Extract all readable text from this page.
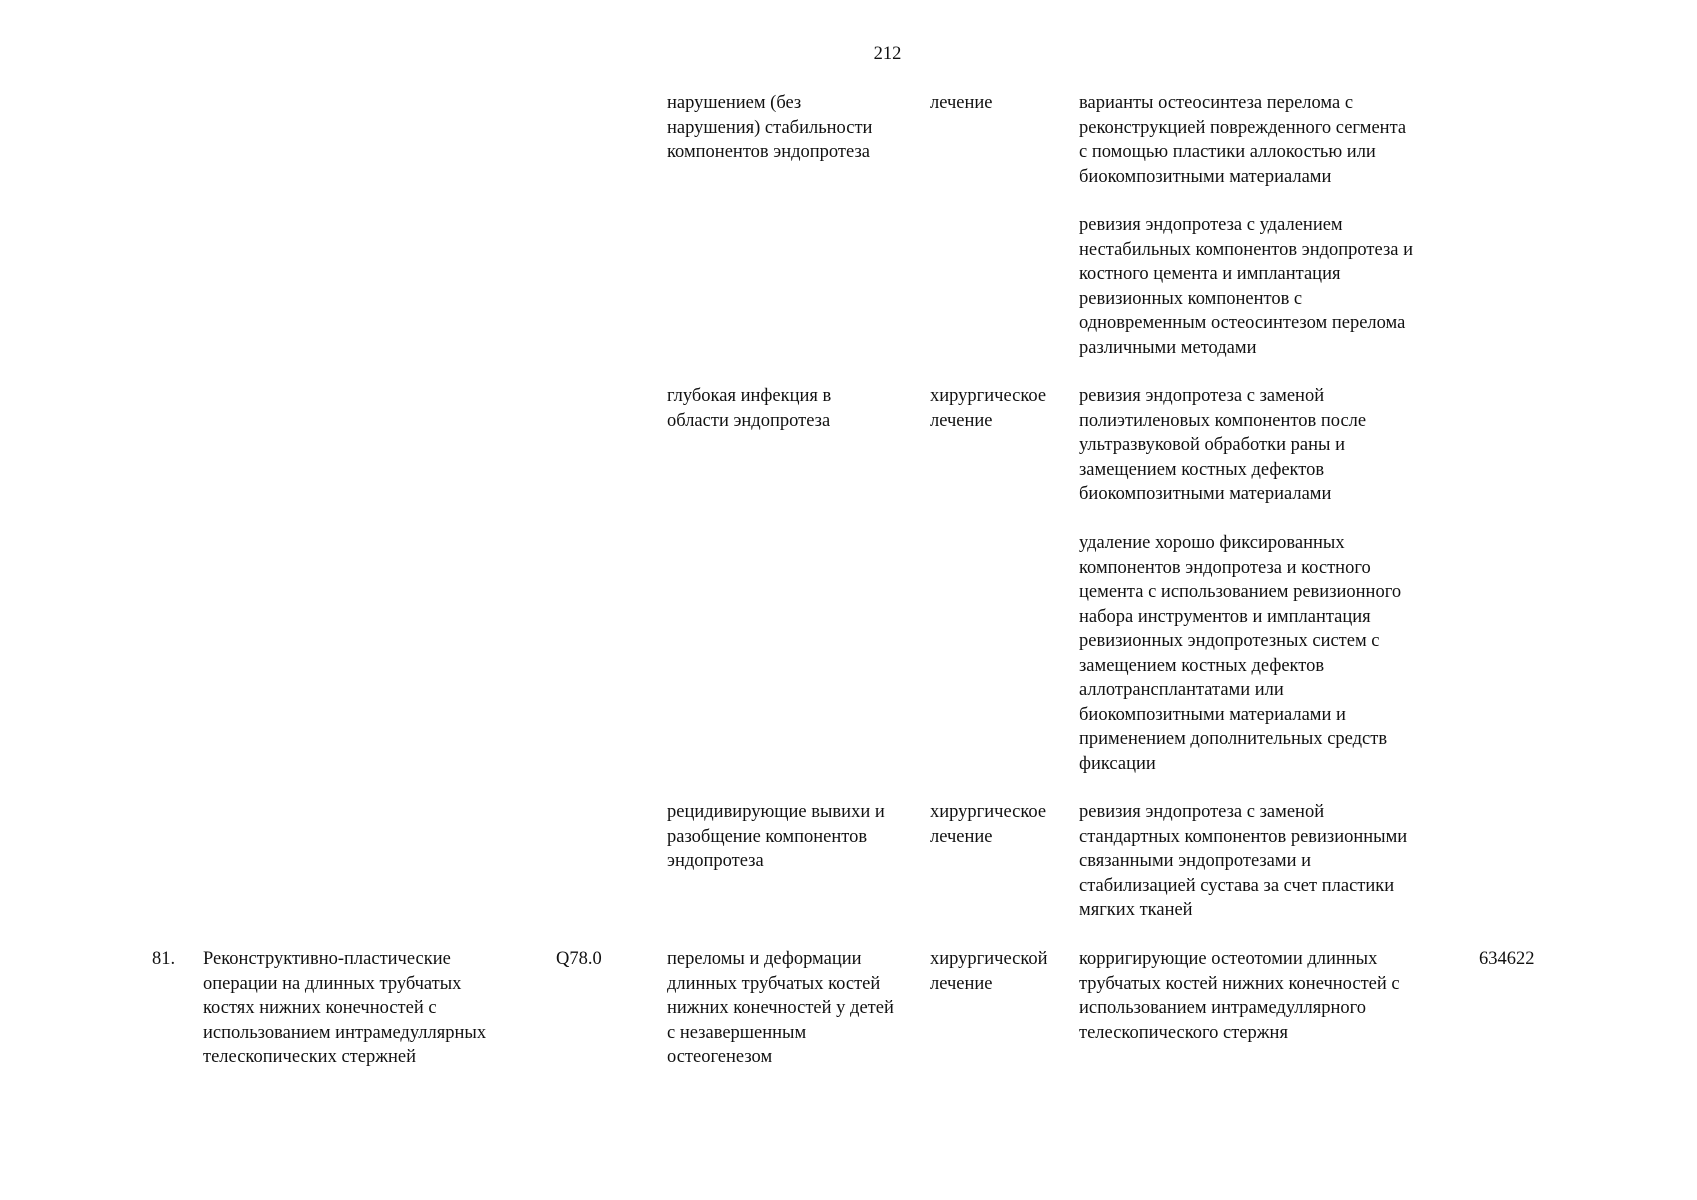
212
нарушением (без
нарушения) стабильности
компонентов эндопротеза
лечение	варианты остеосинтеза перелома с
реконструкцией поврежденного сегмента
с помощью пластики аллокостью или
биокомпозитными материалами
ревизия эндопротеза с удалением
нестабильных компонентов эндопротеза и
костного цемента и имплантация
ревизионных компонентов с
одновременным остеосинтезом перелома
различными методами
глубокая инфекция в
области эндопротеза
хирургическое
лечение
ревизия эндопротеза с заменой
полиэтиленовых компонентов после
ультразвуковой обработки раны и
замещением костных дефектов
биокомпозитными материалами
удаление хорошо фиксированных
компонентов эндопротеза и костного
цемента с использованием ревизионного
набора инструментов и имплантация
ревизионных эндопротезных систем с
замещением костных дефектов
аллотрансплантатами или
биокомпозитными материалами и
применением дополнительных средств
фиксации
рецидивирующие вывихи и
разобщение компонентов
эндопротеза
хирургическое
лечение
ревизия эндопротеза с заменой
стандартных компонентов ревизионными
связанными эндопротезами и
стабилизацией сустава за счет пластики
мягких тканей
81. Реконструктивно-пластические
операции на длинных трубчатых
костях нижних конечностей с
использованием интрамедуллярных
телескопических стержней
Q78.0	переломы и деформации
длинных трубчатых костей
нижних конечностей у детей
с незавершенным
остеогенезом
хирургической
лечение
корригирующие остеотомии длинных
трубчатых костей нижних конечностей с
использованием интрамедуллярного
телескопического стержня
634622
